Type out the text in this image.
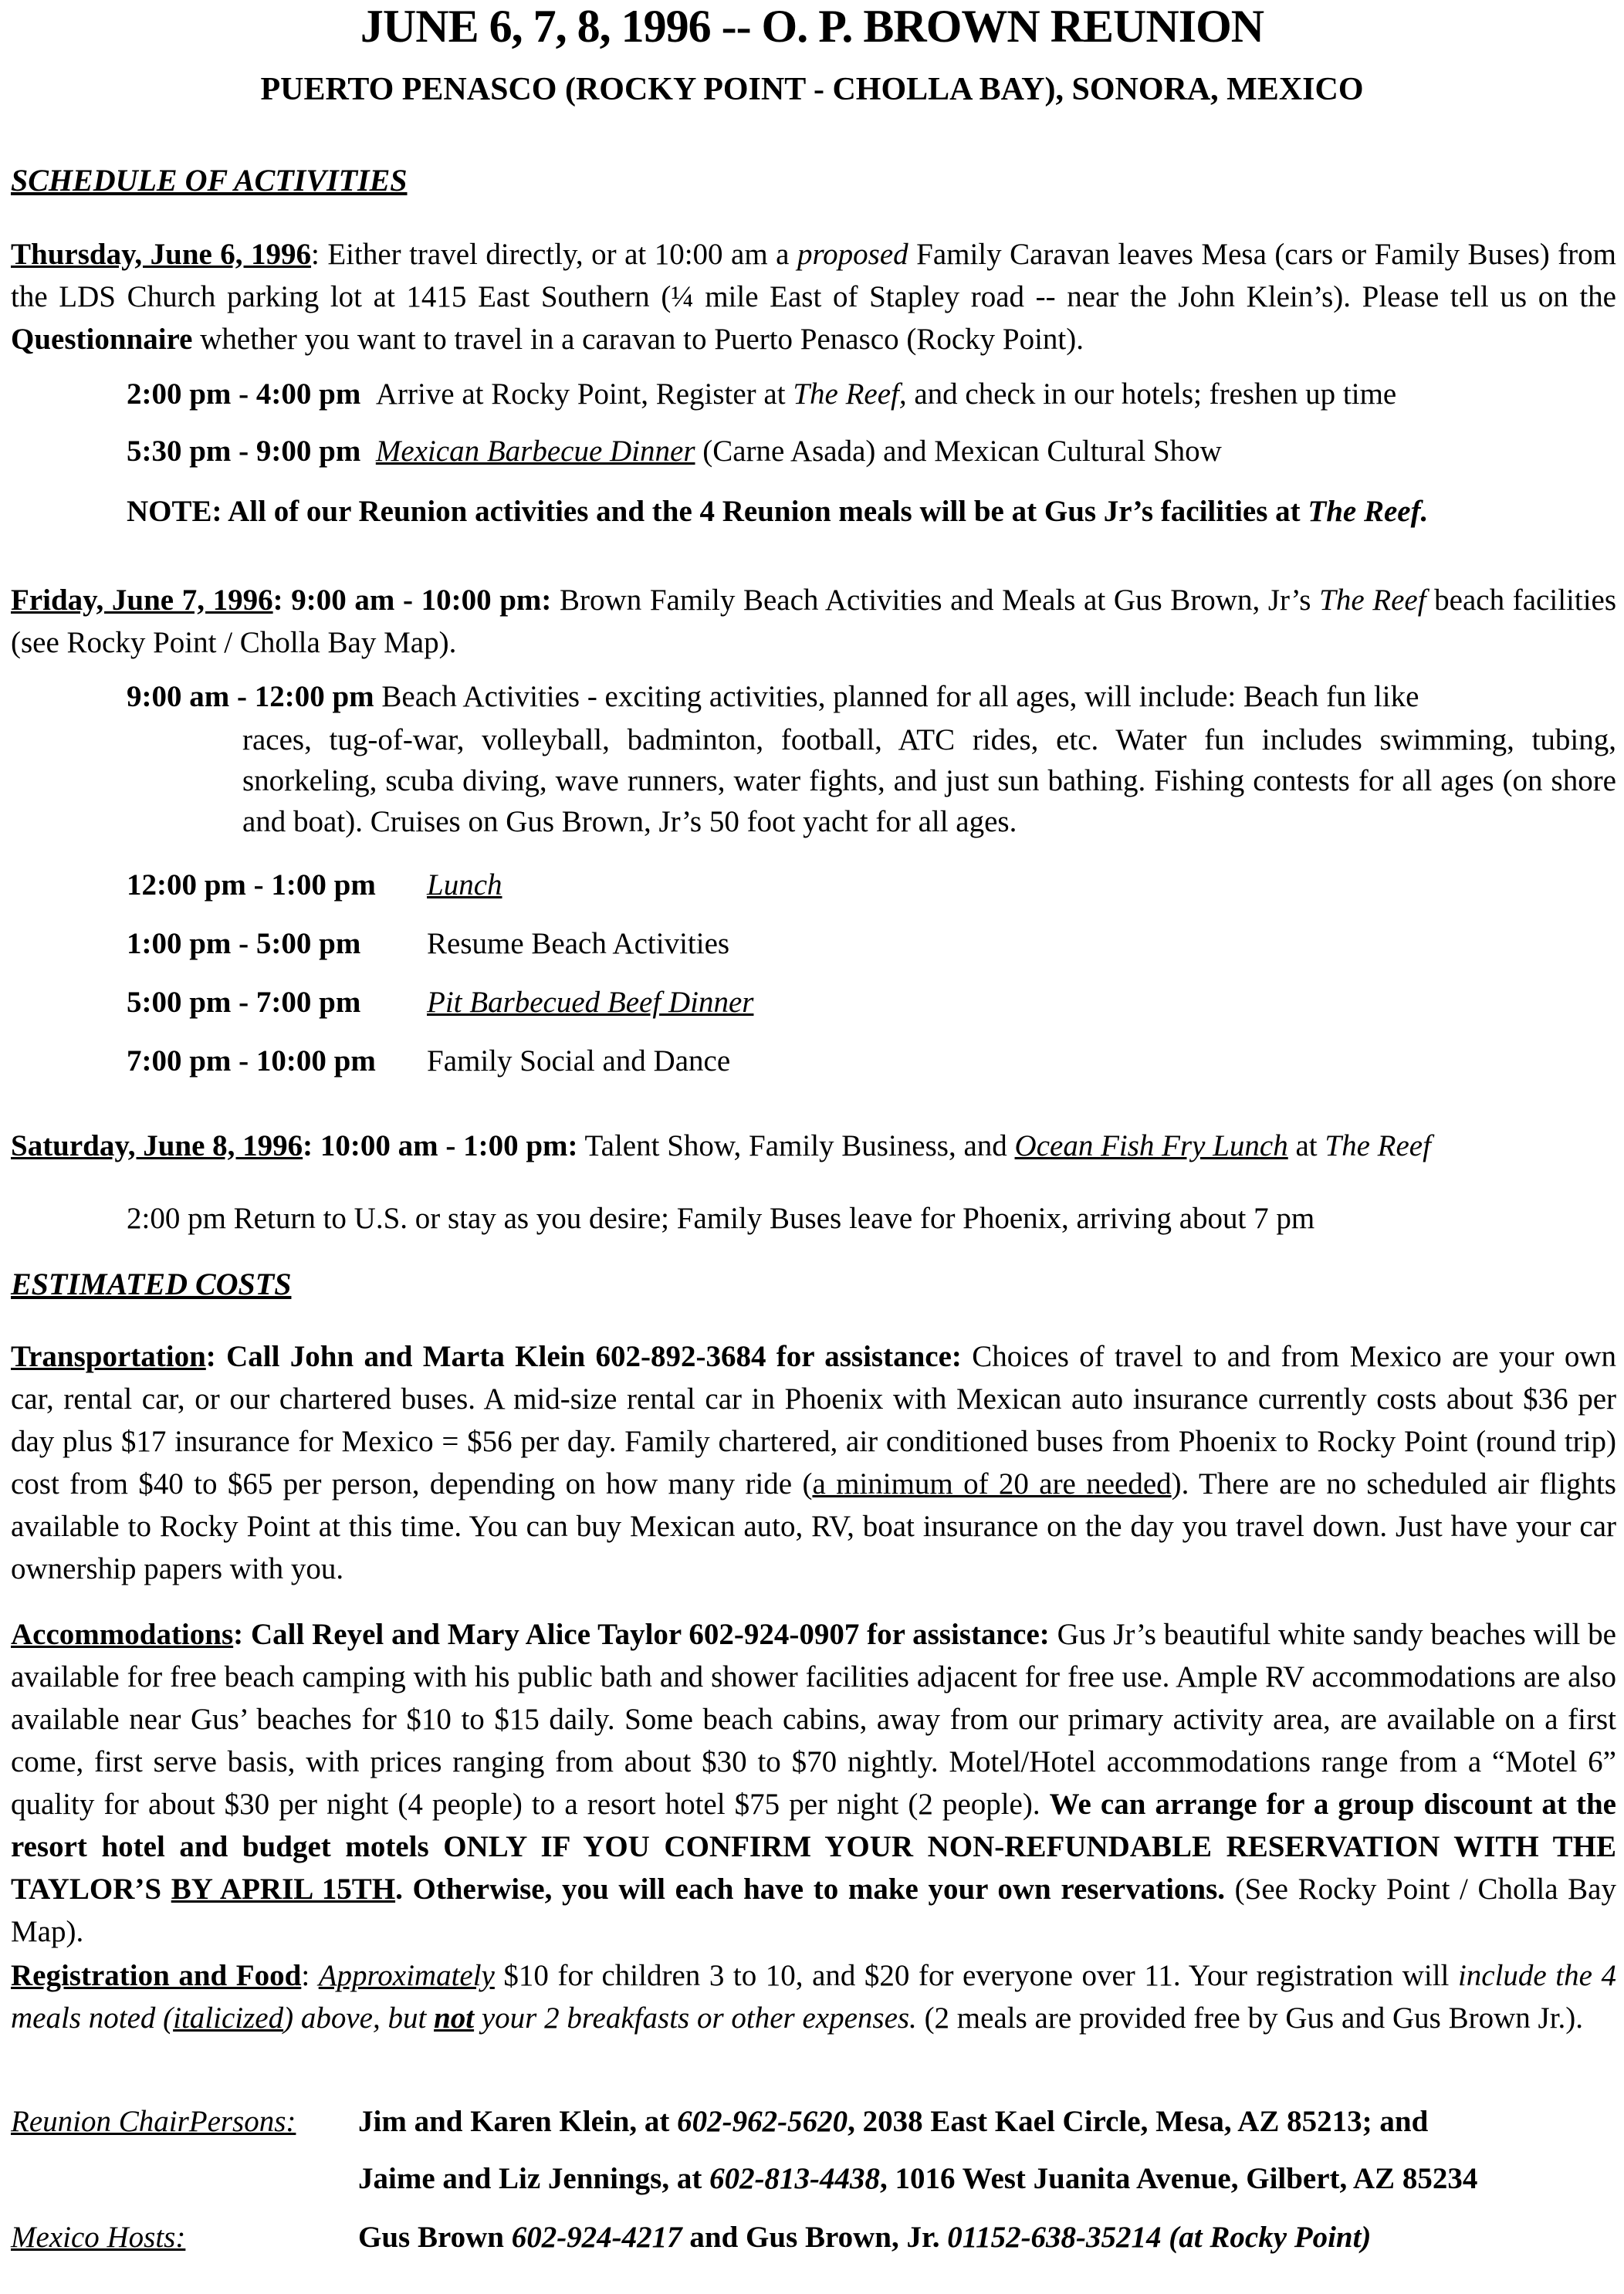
JUNE 6, 7, 8, 1996 -- O. P. BROWN REUNION
PUERTO PENASCO (ROCKY POINT - CHOLLA BAY), SONORA, MEXICO
SCHEDULE OF ACTIVITIES
Thursday, June 6, 1996: Either travel directly, or at 10:00 am a proposed Family Caravan leaves Mesa (cars or Family Buses) from the LDS Church parking lot at 1415 East Southern (¼ mile East of Stapley road -- near the John Klein’s). Please tell us on the Questionnaire whether you want to travel in a caravan to Puerto Penasco (Rocky Point).
2:00 pm - 4:00 pm Arrive at Rocky Point, Register at The Reef, and check in our hotels; freshen up time
5:30 pm - 9:00 pm Mexican Barbecue Dinner (Carne Asada) and Mexican Cultural Show
NOTE: All of our Reunion activities and the 4 Reunion meals will be at Gus Jr’s facilities at The Reef.
Friday, June 7, 1996: 9:00 am - 10:00 pm: Brown Family Beach Activities and Meals at Gus Brown, Jr’s The Reef beach facilities (see Rocky Point / Cholla Bay Map).
9:00 am - 12:00 pm Beach Activities - exciting activities, planned for all ages, will include: Beach fun like
races, tug-of-war, volleyball, badminton, football, ATC rides, etc. Water fun includes swimming, tubing, snorkeling, scuba diving, wave runners, water fights, and just sun bathing. Fishing contests for all ages (on shore and boat). Cruises on Gus Brown, Jr’s 50 foot yacht for all ages.
12:00 pm - 1:00 pm Lunch
1:00 pm - 5:00 pm Resume Beach Activities
5:00 pm - 7:00 pm Pit Barbecued Beef Dinner
7:00 pm - 10:00 pm Family Social and Dance
Saturday, June 8, 1996: 10:00 am - 1:00 pm: Talent Show, Family Business, and Ocean Fish Fry Lunch at The Reef
2:00 pm Return to U.S. or stay as you desire; Family Buses leave for Phoenix, arriving about 7 pm
ESTIMATED COSTS
Transportation: Call John and Marta Klein 602-892-3684 for assistance: Choices of travel to and from Mexico are your own car, rental car, or our chartered buses. A mid-size rental car in Phoenix with Mexican auto insurance currently costs about $36 per day plus $17 insurance for Mexico = $56 per day. Family chartered, air conditioned buses from Phoenix to Rocky Point (round trip) cost from $40 to $65 per person, depending on how many ride (a minimum of 20 are needed). There are no scheduled air flights available to Rocky Point at this time. You can buy Mexican auto, RV, boat insurance on the day you travel down. Just have your car ownership papers with you.
Accommodations: Call Reyel and Mary Alice Taylor 602-924-0907 for assistance: Gus Jr’s beautiful white sandy beaches will be available for free beach camping with his public bath and shower facilities adjacent for free use. Ample RV accommodations are also available near Gus’ beaches for $10 to $15 daily. Some beach cabins, away from our primary activity area, are available on a first come, first serve basis, with prices ranging from about $30 to $70 nightly. Motel/Hotel accommodations range from a “Motel 6” quality for about $30 per night (4 people) to a resort hotel $75 per night (2 people). We can arrange for a group discount at the resort hotel and budget motels ONLY IF YOU CONFIRM YOUR NON-REFUNDABLE RESERVATION WITH THE TAYLOR’S BY APRIL 15TH. Otherwise, you will each have to make your own reservations. (See Rocky Point / Cholla Bay Map).
Registration and Food: Approximately $10 for children 3 to 10, and $20 for everyone over 11. Your registration will include the 4 meals noted (italicized) above, but not your 2 breakfasts or other expenses. (2 meals are provided free by Gus and Gus Brown Jr.).
Reunion ChairPersons: Jim and Karen Klein, at 602-962-5620, 2038 East Kael Circle, Mesa, AZ 85213; and
Jaime and Liz Jennings, at 602-813-4438, 1016 West Juanita Avenue, Gilbert, AZ 85234
Mexico Hosts:	Gus Brown 602-924-4217 and Gus Brown, Jr. 01152-638-35214 (at Rocky Point)
